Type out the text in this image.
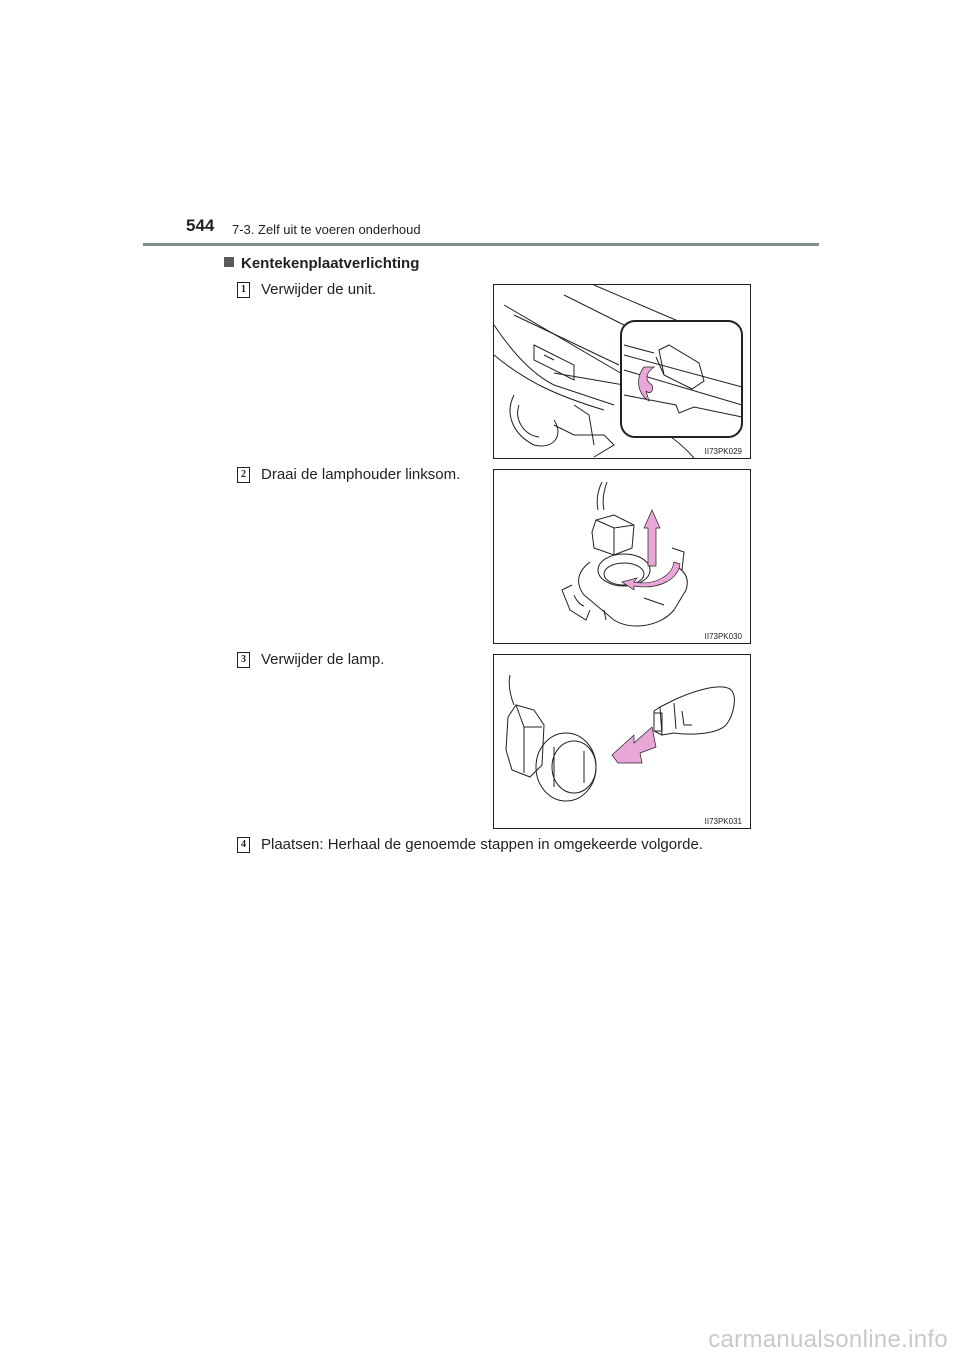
544 7-3. Zelf uit te voeren onderhoud
Kentekenplaatverlichting
1 Verwijder de unit.
II73PK029
2 Draai de lamphouder linksom.
II73PK030
3 Verwijder de lamp.
II73PK031
4 Plaatsen: Herhaal de genoemde stappen in omgekeerde volgorde.
carmanualsonline.info
